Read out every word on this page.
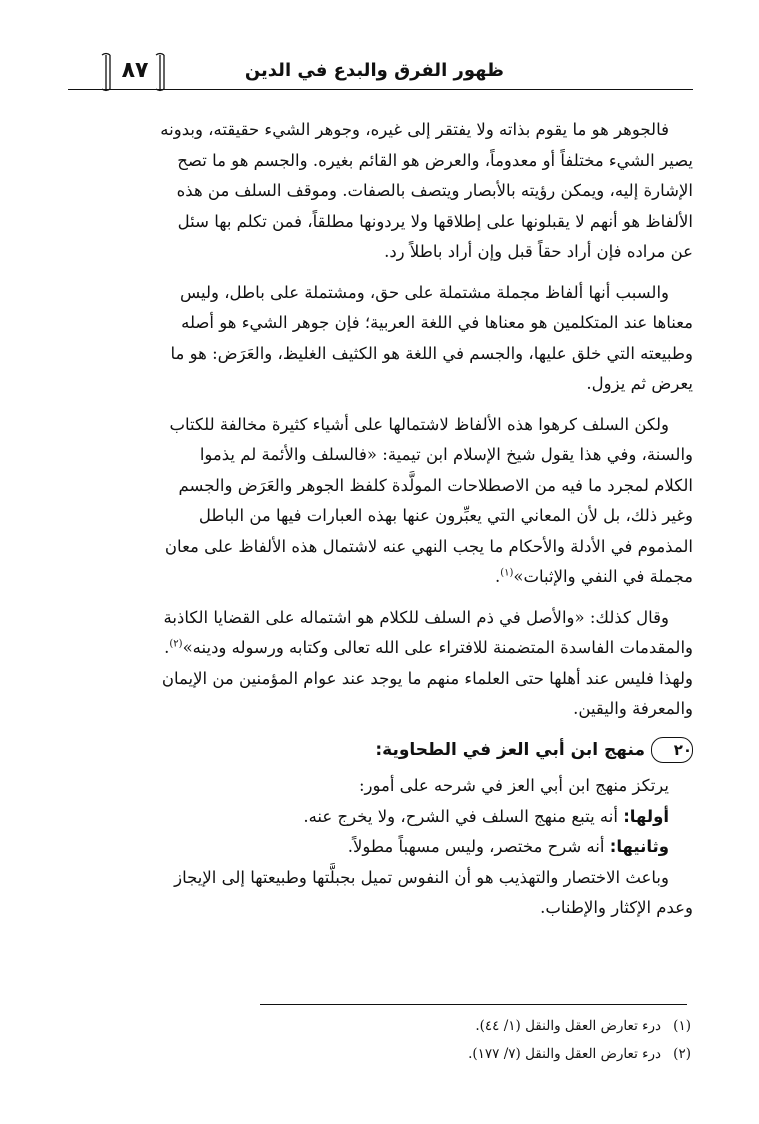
ظهور الفرق والبدع في الدين
٨٧

فالجوهر هو ما يقوم بذاته ولا يفتقر إلى غيره، وجوهر الشيء حقيقته، وبدونه
يصير الشيء مختلفاً أو معدوماً، والعرض هو القائم بغيره. والجسم هو ما تصح
الإشارة إليه، ويمكن رؤيته بالأبصار ويتصف بالصفات. وموقف السلف من هذه
الألفاظ هو أنهم لا يقبلونها على إطلاقها ولا يردونها مطلقاً، فمن تكلم بها سئل
عن مراده فإن أراد حقاً قبل وإن أراد باطلاً رد.

والسبب أنها ألفاظ مجملة مشتملة على حق، ومشتملة على باطل، وليس
معناها عند المتكلمين هو معناها في اللغة العربية؛ فإن جوهر الشيء هو أصله
وطبيعته التي خلق عليها، والجسم في اللغة هو الكثيف الغليظ، والعَرَض: هو ما
يعرض ثم يزول.

ولكن السلف كرهوا هذه الألفاظ لاشتمالها على أشياء كثيرة مخالفة للكتاب
والسنة، وفي هذا يقول شيخ الإسلام ابن تيمية: «فالسلف والأئمة لم يذموا
الكلام لمجرد ما فيه من الاصطلاحات المولَّدة كلفظ الجوهر والعَرَض والجسم
وغير ذلك، بل لأن المعاني التي يعبِّرون عنها بهذه العبارات فيها من الباطل
المذموم في الأدلة والأحكام ما يجب النهي عنه لاشتمال هذه الألفاظ على معان
مجملة في النفي والإثبات»$^{(١)}$.

وقال كذلك: «والأصل في ذم السلف للكلام هو اشتماله على القضايا الكاذبة
والمقدمات الفاسدة المتضمنة للافتراء على الله تعالى وكتابه ورسوله ودينه»$^{(٢)}$.

ولهذا فليس عند أهلها حتى العلماء منهم ما يوجد عند عوام المؤمنين من الإيمان
والمعرفة واليقين.

٢٠
منهج ابن أبي العز في الطحاوية:

يرتكز منهج ابن أبي العز في شرحه على أمور:

أولها: أنه يتبع منهج السلف في الشرح، ولا يخرج عنه.

وثانيها: أنه شرح مختصر، وليس مسهباً مطولاً.

وباعث الاختصار والتهذيب هو أن النفوس تميل بجبلَّتها وطبيعتها إلى الإيجاز
وعدم الإكثار والإطناب.

(١)درء تعارض العقل والنقل (١/ ٤٤).

(٢)درء تعارض العقل والنقل (٧/ ١٧٧).
